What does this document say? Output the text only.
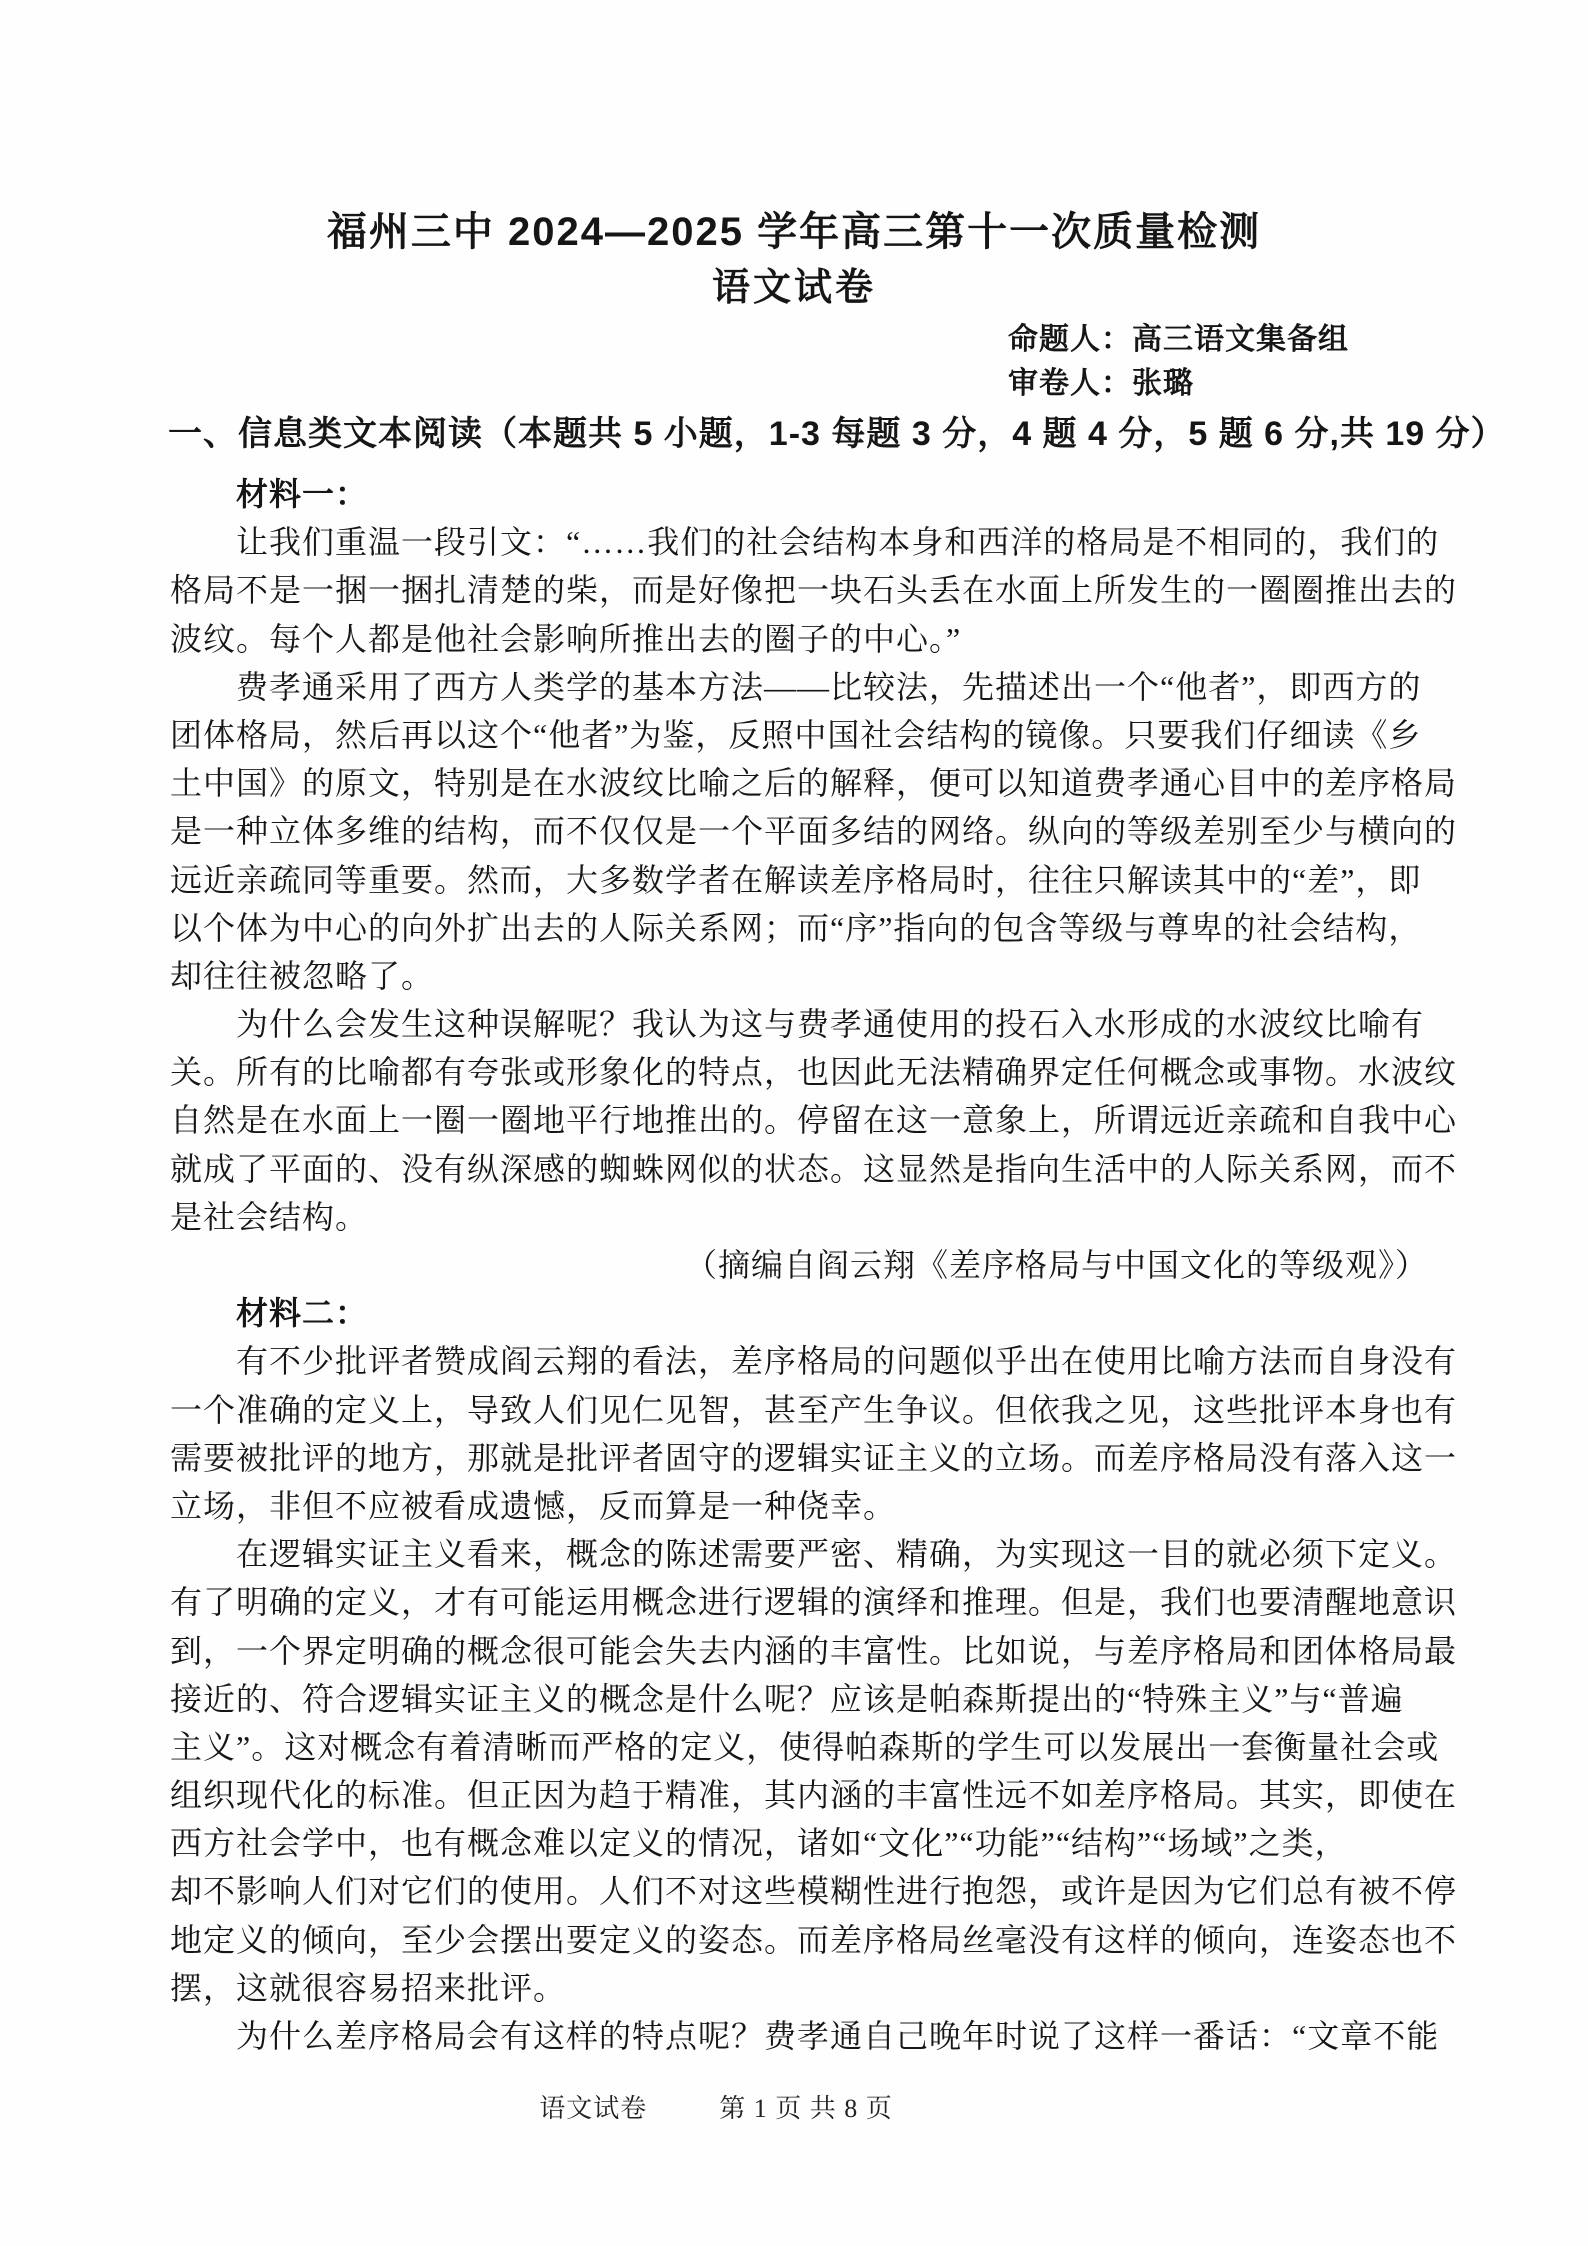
福州三中 2024—2025 学年高三第十一次质量检测
语文试卷
命题人：高三语文集备组
审卷人：张璐
一、信息类文本阅读（本题共 5 小题，1-3 每题 3 分，4 题 4 分，5 题 6 分,共 19 分）
材料一：
让我们重温一段引文：“……我们的社会结构本身和西洋的格局是不相同的，我们的
格局不是一捆一捆扎清楚的柴，而是好像把一块石头丢在水面上所发生的一圈圈推出去的
波纹。每个人都是他社会影响所推出去的圈子的中心。”
费孝通采用了西方人类学的基本方法——比较法，先描述出一个“他者”，即西方的
团体格局，然后再以这个“他者”为鉴，反照中国社会结构的镜像。只要我们仔细读《乡
土中国》的原文，特别是在水波纹比喻之后的解释，便可以知道费孝通心目中的差序格局
是一种立体多维的结构，而不仅仅是一个平面多结的网络。纵向的等级差别至少与横向的
远近亲疏同等重要。然而，大多数学者在解读差序格局时，往往只解读其中的“差”，即
以个体为中心的向外扩出去的人际关系网；而“序”指向的包含等级与尊卑的社会结构，
却往往被忽略了。
为什么会发生这种误解呢？我认为这与费孝通使用的投石入水形成的水波纹比喻有
关。所有的比喻都有夸张或形象化的特点，也因此无法精确界定任何概念或事物。水波纹
自然是在水面上一圈一圈地平行地推出的。停留在这一意象上，所谓远近亲疏和自我中心
就成了平面的、没有纵深感的蜘蛛网似的状态。这显然是指向生活中的人际关系网，而不
是社会结构。
（摘编自阎云翔《差序格局与中国文化的等级观》）
材料二：
有不少批评者赞成阎云翔的看法，差序格局的问题似乎出在使用比喻方法而自身没有
一个准确的定义上，导致人们见仁见智，甚至产生争议。但依我之见，这些批评本身也有
需要被批评的地方，那就是批评者固守的逻辑实证主义的立场。而差序格局没有落入这一
立场，非但不应被看成遗憾，反而算是一种侥幸。
在逻辑实证主义看来，概念的陈述需要严密、精确，为实现这一目的就必须下定义。
有了明确的定义，才有可能运用概念进行逻辑的演绎和推理。但是，我们也要清醒地意识
到，一个界定明确的概念很可能会失去内涵的丰富性。比如说，与差序格局和团体格局最
接近的、符合逻辑实证主义的概念是什么呢？应该是帕森斯提出的“特殊主义”与“普遍
主义”。这对概念有着清晰而严格的定义，使得帕森斯的学生可以发展出一套衡量社会或
组织现代化的标准。但正因为趋于精准，其内涵的丰富性远不如差序格局。其实，即使在
西方社会学中，也有概念难以定义的情况，诸如“文化”“功能”“结构”“场域”之类，
却不影响人们对它们的使用。人们不对这些模糊性进行抱怨，或许是因为它们总有被不停
地定义的倾向，至少会摆出要定义的姿态。而差序格局丝毫没有这样的倾向，连姿态也不
摆，这就很容易招来批评。
为什么差序格局会有这样的特点呢？费孝通自己晚年时说了这样一番话：“文章不能
语文试卷	第 1 页 共 8 页
